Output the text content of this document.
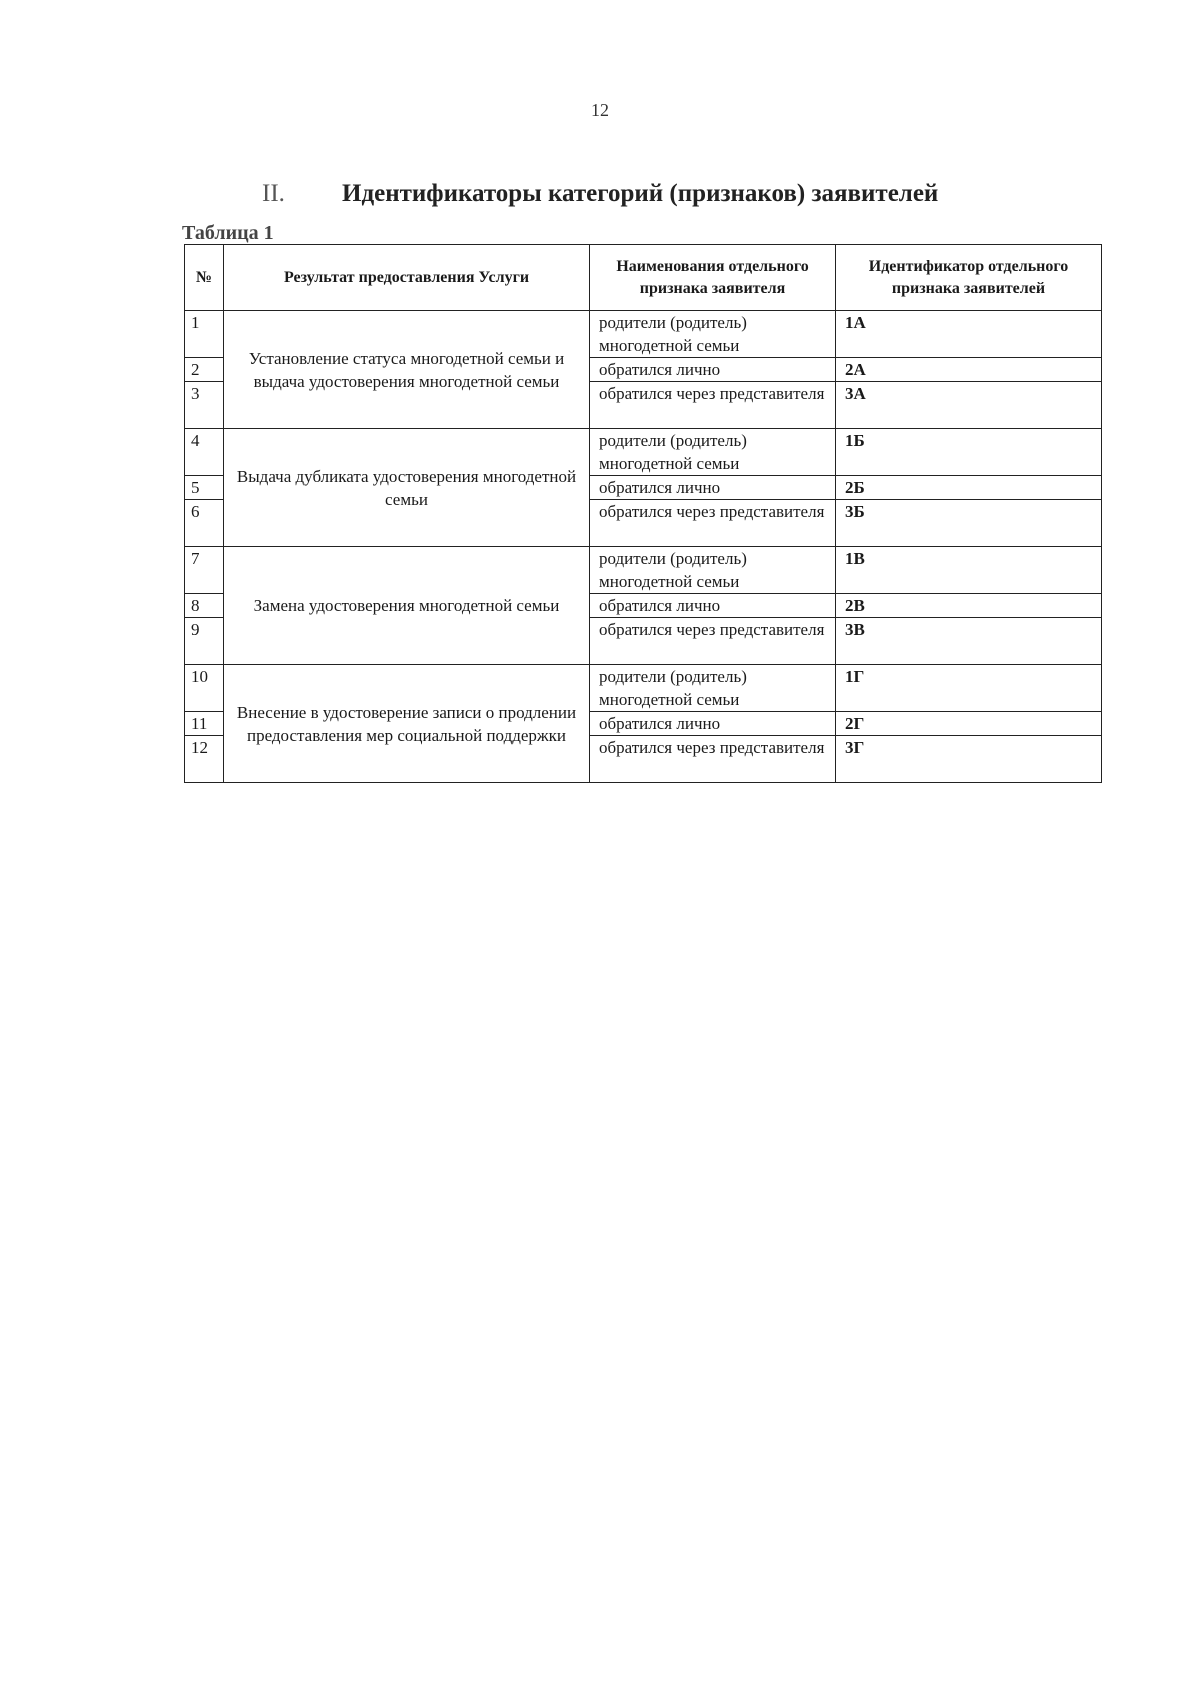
12
II. Идентификаторы категорий (признаков) заявителей
Таблица 1
№	Результат предоставления Услуги	Наименования отдельного признака заявителя	Идентификатор отдельного признака заявителей
1	Установление статуса многодетной семьи и выдача удостоверения многодетной семьи	родители (родитель) многодетной семьи	1А
2		обратился лично	2А
3		обратился через представителя	3А
4	Выдача дубликата удостоверения многодетной семьи	родители (родитель) многодетной семьи	1Б
5		обратился лично	2Б
6		обратился через представителя	3Б
7	Замена удостоверения многодетной семьи	родители (родитель) многодетной семьи	1В
8		обратился лично	2В
9		обратился через представителя	3В
10	Внесение в удостоверение записи о продлении предоставления мер социальной поддержки	родители (родитель) многодетной семьи	1Г
11		обратился лично	2Г
12		обратился через представителя	3Г
